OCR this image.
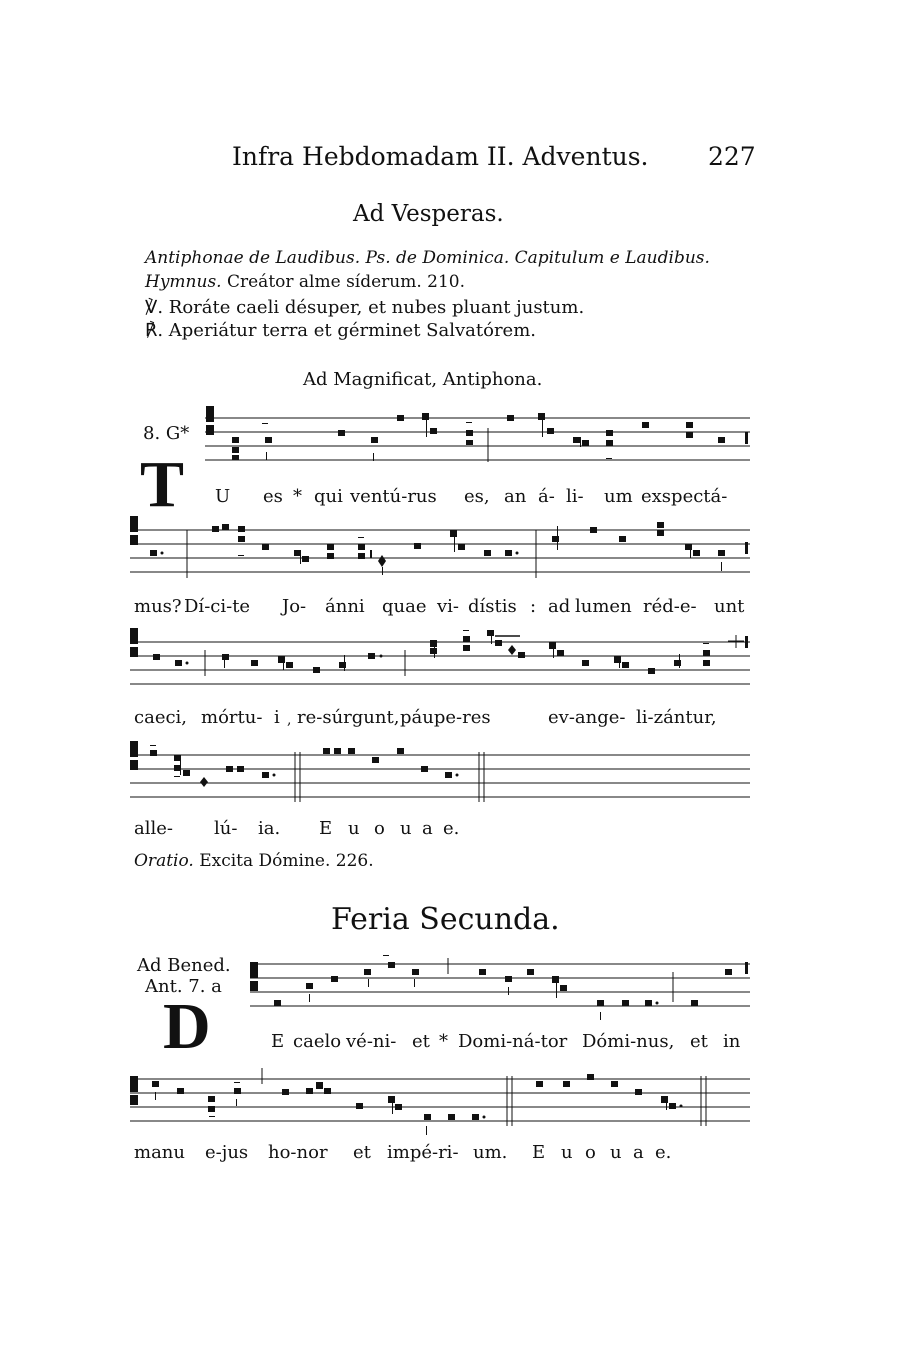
Infra Hebdomadam II. Adventus. 227
Ad Vesperas.
Antiphonae de Laudibus. Ps. de Dominica. Capitulum e Laudibus.
Hymnus. Creátor alme síderum. 210.
℣. Roráte caeli désuper, et nubes pluant justum.
℟. Aperiátur terra et gérminet Salvatórem.
Ad Magnificat, Antiphona.
8. G*
T U es * qui ventú-rus es, an á- li- um exspectá-
mus? Dí-ci-te Jo- ánni quae vi- dístis : ad lumen réd-e- unt
caeci, mórtu- i , re-súrgunt, páupe-res	ev-ange- li-zántur,
alle- lú- ia. E u o u a e.
Oratio. Excita Dómine. 226.
Feria Secunda.
Ad Bened.
Ant. 7. a
D	E caelo vé-ni- et * Domi-ná-tor Dómi-nus, et in
manu e-jus ho-nor et impé-ri- um. E u o u a e.
